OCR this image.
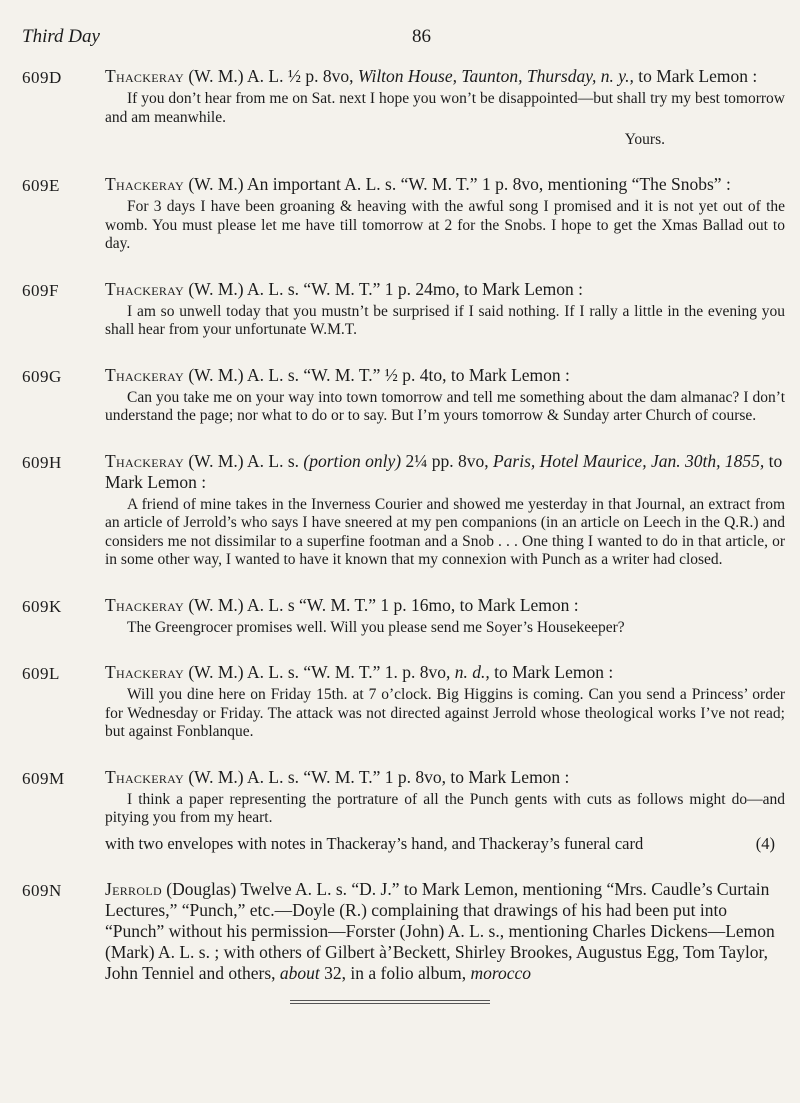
Third Day	86
609D	Thackeray (W. M.) A. L. ½ p. 8vo, Wilton House, Taunton, Thursday, n. y., to Mark Lemon :

If you don’t hear from me on Sat. next I hope you won’t be disappointed—but shall try my best tomorrow and am meanwhile.

Yours.

609E	Thackeray (W. M.) An important A. L. s. “W. M. T.” 1 p. 8vo, mentioning “The Snobs” :

For 3 days I have been groaning & heaving with the awful song I promised and it is not yet out of the womb. You must please let me have till tomorrow at 2 for the Snobs. I hope to get the Xmas Ballad out to day.

609F	Thackeray (W. M.) A. L. s. “W. M. T.” 1 p. 24mo, to Mark Lemon :

I am so unwell today that you mustn’t be surprised if I said nothing. If I rally a little in the evening you shall hear from your unfortunate W.M.T.

609G	Thackeray (W. M.) A. L. s. “W. M. T.” ½ p. 4to, to Mark Lemon :

Can you take me on your way into town tomorrow and tell me something about the dam almanac? I don’t understand the page; nor what to do or to say. But I’m yours tomorrow & Sunday arter Church of course.

609H	Thackeray (W. M.) A. L. s. (portion only) 2¼ pp. 8vo, Paris, Hotel Maurice, Jan. 30th, 1855, to Mark Lemon :

A friend of mine takes in the Inverness Courier and showed me yesterday in that Journal, an extract from an article of Jerrold’s who says I have sneered at my pen companions (in an article on Leech in the Q.R.) and considers me not dissimilar to a superfine footman and a Snob . . . One thing I wanted to do in that article, or in some other way, I wanted to have it known that my connexion with Punch as a writer had closed.

609K	Thackeray (W. M.) A. L. s “W. M. T.” 1 p. 16mo, to Mark Lemon :

The Greengrocer promises well. Will you please send me Soyer’s Housekeeper?

609L	Thackeray (W. M.) A. L. s. “W. M. T.” 1. p. 8vo, n. d., to Mark Lemon :

Will you dine here on Friday 15th. at 7 o’clock. Big Higgins is coming. Can you send a Princess’ order for Wednesday or Friday. The attack was not directed against Jerrold whose theological works I’ve not read; but against Fonblanque.

609M	Thackeray (W. M.) A. L. s. “W. M. T.” 1 p. 8vo, to Mark Lemon :

I think a paper representing the portrature of all the Punch gents with cuts as follows might do—and pitying you from my heart.

(4)
with two envelopes with notes in Thackeray’s hand, and Thackeray’s funeral card

609N	Jerrold (Douglas) Twelve A. L. s. “D. J.” to Mark Lemon, mentioning “Mrs. Caudle’s Curtain Lectures,” “Punch,” etc.—Doyle (R.) complaining that drawings of his had been put into “Punch” without his permission—Forster (John) A. L. s., mentioning Charles Dickens—Lemon (Mark) A. L. s. ; with others of Gilbert à’Beckett, Shirley Brookes, Augustus Egg, Tom Taylor, John Tenniel and others, about 32, in a folio album, morocco
